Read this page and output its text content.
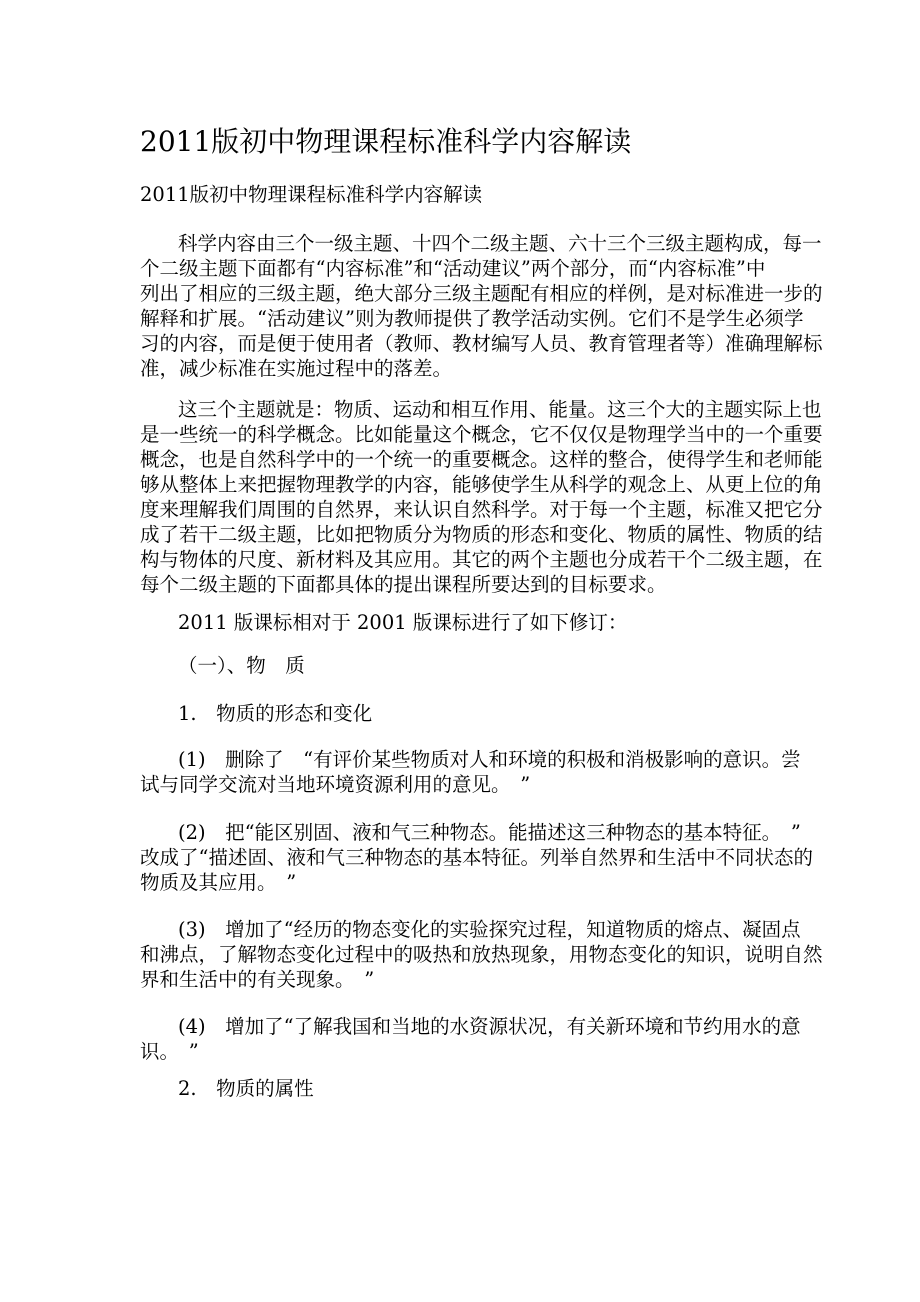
2011版初中物理课程标准科学内容解读
2011版初中物理课程标准科学内容解读
科学内容由三个一级主题、十四个二级主题、六十三个三级主题构成，每一
个二级主题下面都有“内容标准”和“活动建议”两个部分，而“内容标准”中
列出了相应的三级主题，绝大部分三级主题配有相应的样例，是对标准进一步的
解释和扩展。“活动建议”则为教师提供了教学活动实例。它们不是学生必须学
习的内容，而是便于使用者（教师、教材编写人员、教育管理者等）准确理解标
准，减少标准在实施过程中的落差。
这三个主题就是：物质、运动和相互作用、能量。这三个大的主题实际上也
是一些统一的科学概念。比如能量这个概念，它不仅仅是物理学当中的一个重要
概念，也是自然科学中的一个统一的重要概念。这样的整合，使得学生和老师能
够从整体上来把握物理教学的内容，能够使学生从科学的观念上、从更上位的角
度来理解我们周围的自然界，来认识自然科学。对于每一个主题，标准又把它分
成了若干二级主题，比如把物质分为物质的形态和变化、物质的属性、物质的结
构与物体的尺度、新材料及其应用。其它的两个主题也分成若干个二级主题，在
每个二级主题的下面都具体的提出课程所要达到的目标要求。
2011 版课标相对于 2001 版课标进行了如下修订：
（一）、物　质
1.　物质的形态和变化
(1)　删除了　“有评价某些物质对人和环境的积极和消极影响的意识。尝
试与同学交流对当地环境资源利用的意见。　”
(2)　把“能区别固、液和气三种物态。能描述这三种物态的基本特征。　”
改成了“描述固、液和气三种物态的基本特征。列举自然界和生活中不同状态的
物质及其应用。　”
(3)　增加了“经历的物态变化的实验探究过程，知道物质的熔点、凝固点
和沸点，了解物态变化过程中的吸热和放热现象，用物态变化的知识，说明自然
界和生活中的有关现象。　”
(4)　增加了“了解我国和当地的水资源状况，有关新环境和节约用水的意
识。　”
2.　物质的属性
